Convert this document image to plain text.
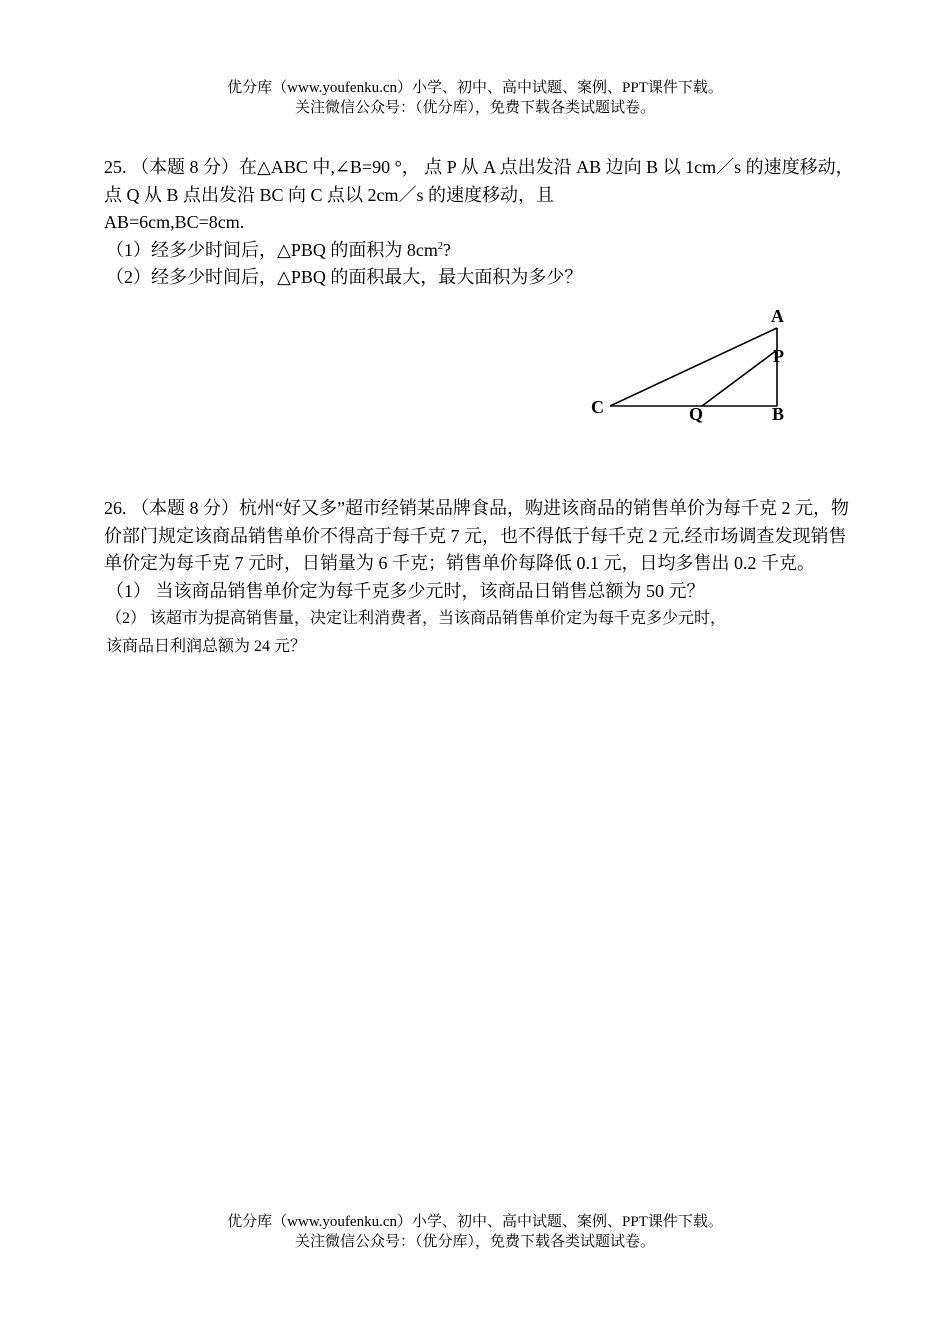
优分库（www.youfenku.cn）小学、初中、高中试题、案例、PPT课件下载。
关注微信公众号：（优分库），免费下载各类试题试卷。

25. （本题 8 分）在△ABC 中,∠B=90 °， 点 P 从 A 点出发沿 AB 边向 B 以 1cm／s 的速度移动，点 Q 从 B 点出发沿 BC 向 C 点以 2cm／s 的速度移动，且

AB=6cm,BC=8cm.

（1）经多少时间后，△PBQ 的面积为 $8cm^2$?

（2）经多少时间后，△PBQ 的面积最大，最大面积为多少？

A
P
C	Q	B

26. （本题 8 分）杭州“好又多”超市经销某品牌食品，购进该商品的销售单价为每千克 2 元，物价部门规定该商品销售单价不得高于每千克 7 元，也不得低于每千克 2 元.经市场调查发现销售单价定为每千克 7 元时，日销量为 6 千克；销售单价每降低 0.1 元，日均多售出 0.2 千克。

（1） 当该商品销售单价定为每千克多少元时，该商品日销售总额为 50 元？

（2） 该超市为提高销售量，决定让利消费者，当该商品销售单价定为每千克多少元时，

该商品日利润总额为 24 元？

优分库（www.youfenku.cn）小学、初中、高中试题、案例、PPT课件下载。
关注微信公众号：（优分库），免费下载各类试题试卷。
